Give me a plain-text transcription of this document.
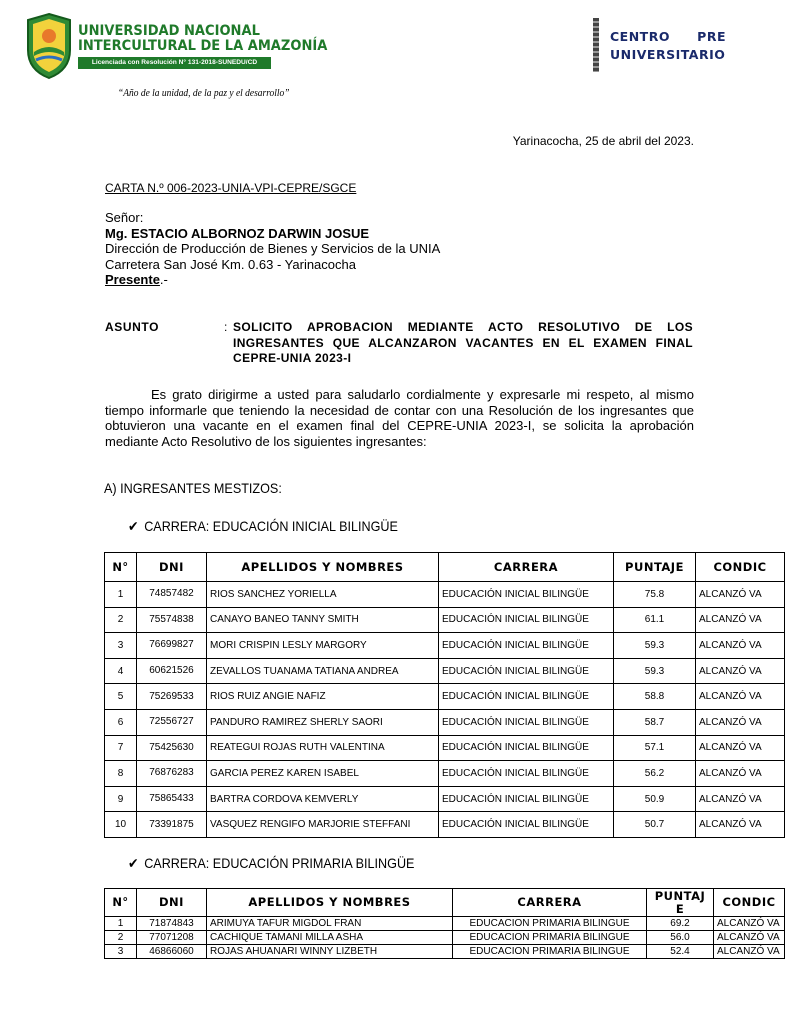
UNIVERSIDAD NACIONAL
INTERCULTURAL DE LA AMAZONÍA
Licenciada con Resolución N° 131-2018-SUNEDU/CD
“Año de la unidad, de la paz y el desarrollo”
CENTRO PRE
UNIVERSITARIO
Yarinacocha, 25 de abril del 2023.
CARTA N.º 006-2023-UNIA-VPI-CEPRE/SGCE
Señor:
Mg. ESTACIO ALBORNOZ DARWIN JOSUE
Dirección de Producción de Bienes y Servicios de la UNIA
Carretera San José Km. 0.63 - Yarinacocha
Presente.-
ASUNTO	: SOLICITO APROBACION MEDIANTE ACTO RESOLUTIVO DE LOS INGRESANTES QUE ALCANZARON VACANTES EN EL EXAMEN FINAL CEPRE-UNIA 2023-I
Es grato dirigirme a usted para saludarlo cordialmente y expresarle mi respeto, al mismo tiempo informarle que teniendo la necesidad de contar con una Resolución de los ingresantes que obtuvieron una vacante en el examen final del CEPRE-UNIA 2023-I, se solicita la aprobación mediante Acto Resolutivo de los siguientes ingresantes:
A) INGRESANTES MESTIZOS:
✔ CARRERA: EDUCACIÓN INICIAL BILINGÜE
N°	DNI	APELLIDOS Y NOMBRES	CARRERA	PUNTAJE	CONDIC
1	74857482	RIOS SANCHEZ YORIELLA	EDUCACIÓN INICIAL BILINGÜE	75.8	ALCANZÓ VA
2	75574838	CANAYO BANEO TANNY SMITH	EDUCACIÓN INICIAL BILINGÜE	61.1	ALCANZÓ VA
3	76699827	MORI CRISPIN LESLY MARGORY	EDUCACIÓN INICIAL BILINGÜE	59.3	ALCANZÓ VA
4	60621526	ZEVALLOS TUANAMA TATIANA ANDREA	EDUCACIÓN INICIAL BILINGÜE	59.3	ALCANZÓ VA
5	75269533	RIOS RUIZ ANGIE NAFIZ	EDUCACIÓN INICIAL BILINGÜE	58.8	ALCANZÓ VA
6	72556727	PANDURO RAMIREZ SHERLY SAORI	EDUCACIÓN INICIAL BILINGÜE	58.7	ALCANZÓ VA
7	75425630	REATEGUI ROJAS RUTH VALENTINA	EDUCACIÓN INICIAL BILINGÜE	57.1	ALCANZÓ VA
8	76876283	GARCIA PEREZ KAREN ISABEL	EDUCACIÓN INICIAL BILINGÜE	56.2	ALCANZÓ VA
9	75865433	BARTRA CORDOVA KEMVERLY	EDUCACIÓN INICIAL BILINGÜE	50.9	ALCANZÓ VA
10	73391875	VASQUEZ RENGIFO MARJORIE STEFFANI	EDUCACIÓN INICIAL BILINGÜE	50.7	ALCANZÓ VA
✔ CARRERA: EDUCACIÓN PRIMARIA BILINGÜE
N°	DNI	APELLIDOS Y NOMBRES	CARRERA	PUNTAJE	CONDIC
1	71874843	ARIMUYA TAFUR MIGDOL FRAN	EDUCACION PRIMARIA BILINGUE	69.2	ALCANZÓ VA
2	77071208	CACHIQUE TAMANI MILLA ASHA	EDUCACION PRIMARIA BILINGUE	56.0	ALCANZÓ VA
3	46866060	ROJAS AHUANARI WINNY LIZBETH	EDUCACION PRIMARIA BILINGUE	52.4	ALCANZÓ VA
